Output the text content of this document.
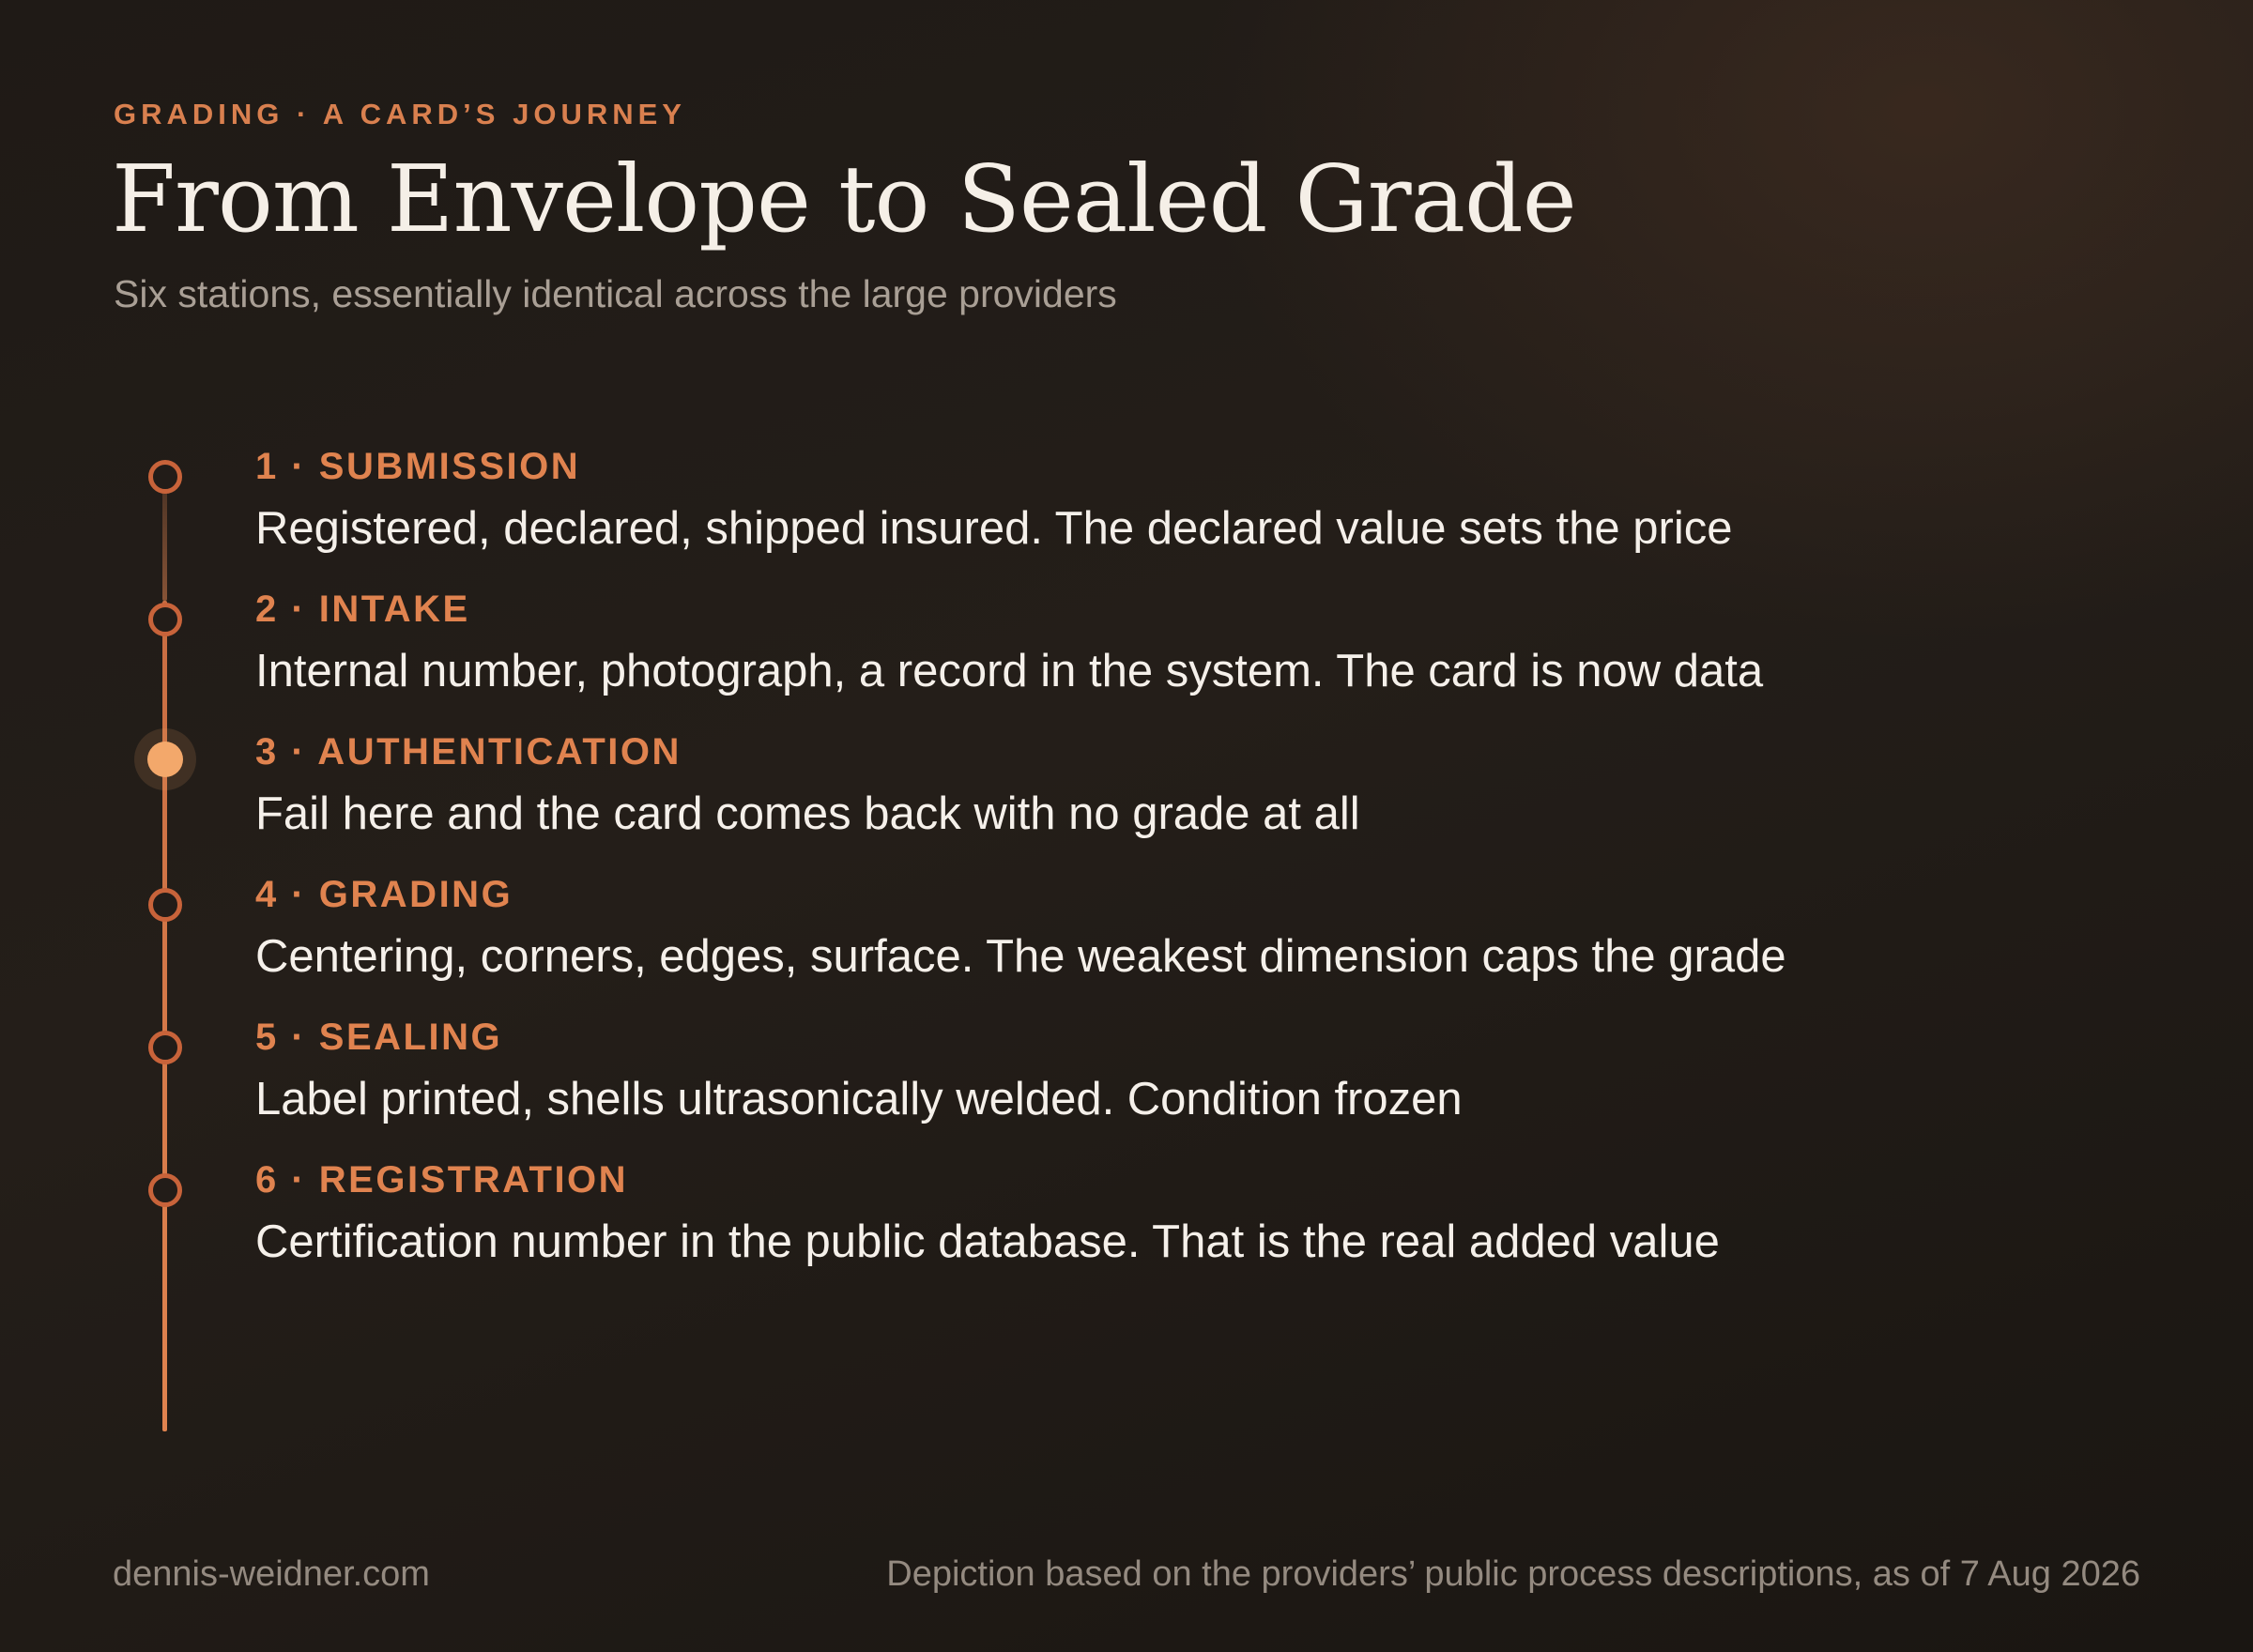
GRADING · A CARD’S JOURNEY
From Envelope to Sealed Grade
Six stations, essentially identical across the large providers
1 · SUBMISSION
Registered, declared, shipped insured. The declared value sets the price
2 · INTAKE
Internal number, photograph, a record in the system. The card is now data
3 · AUTHENTICATION
Fail here and the card comes back with no grade at all
4 · GRADING
Centering, corners, edges, surface. The weakest dimension caps the grade
5 · SEALING
Label printed, shells ultrasonically welded. Condition frozen
6 · REGISTRATION
Certification number in the public database. That is the real added value
dennis-weidner.com	Depiction based on the providers’ public process descriptions, as of 7 Aug 2026
